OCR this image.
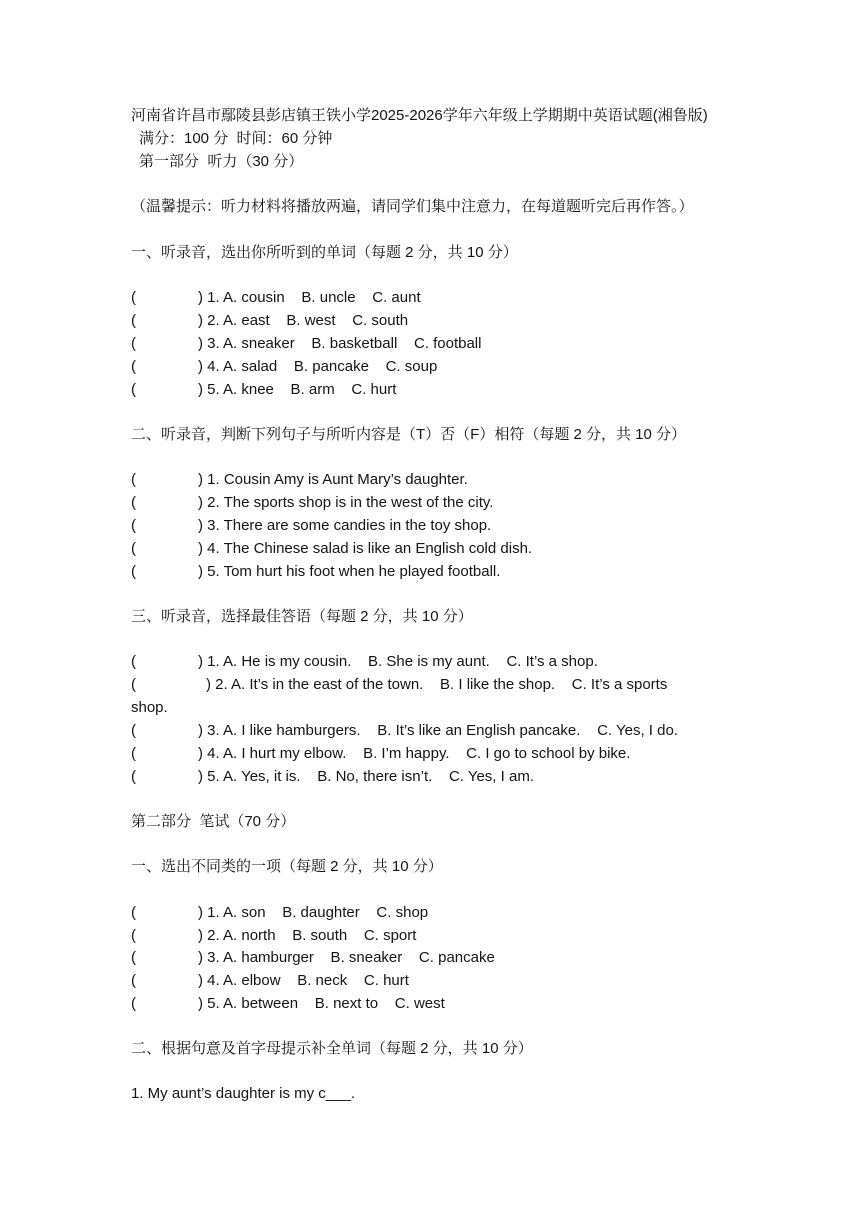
河南省许昌市鄢陵县彭店镇王铁小学2025-2026学年六年级上学期期中英语试题(湘鲁版)
满分：100 分  时间：60 分钟
第一部分  听力（30 分）
（温馨提示：听力材料将播放两遍，请同学们集中注意力，在每道题听完后再作答。）
一、听录音，选出你所听到的单词（每题 2 分，共 10 分）
(	) 1. A. cousin    B. uncle    C. aunt
(	) 2. A. east    B. west    C. south
(	) 3. A. sneaker    B. basketball    C. football
(	) 4. A. salad    B. pancake    C. soup
(	) 5. A. knee    B. arm    C. hurt
二、听录音，判断下列句子与所听内容是（T）否（F）相符（每题 2 分，共 10 分）
(	) 1. Cousin Amy is Aunt Mary’s daughter.
(	) 2. The sports shop is in the west of the city.
(	) 3. There are some candies in the toy shop.
(	) 4. The Chinese salad is like an English cold dish.
(	) 5. Tom hurt his foot when he played football.
三、听录音，选择最佳答语（每题 2 分，共 10 分）
(	) 1. A. He is my cousin.    B. She is my aunt.    C. It’s a shop.
(	) 2. A. It’s in the east of the town.    B. I like the shop.    C. It’s a sports
shop.
(	) 3. A. I like hamburgers.    B. It’s like an English pancake.    C. Yes, I do.
(	) 4. A. I hurt my elbow.    B. I’m happy.    C. I go to school by bike.
(	) 5. A. Yes, it is.    B. No, there isn’t.    C. Yes, I am.
第二部分  笔试（70 分）
一、选出不同类的一项（每题 2 分，共 10 分）
(	) 1. A. son    B. daughter    C. shop
(	) 2. A. north    B. south    C. sport
(	) 3. A. hamburger    B. sneaker    C. pancake
(	) 4. A. elbow    B. neck    C. hurt
(	) 5. A. between    B. next to    C. west
二、根据句意及首字母提示补全单词（每题 2 分，共 10 分）
1. My aunt’s daughter is my c___.
